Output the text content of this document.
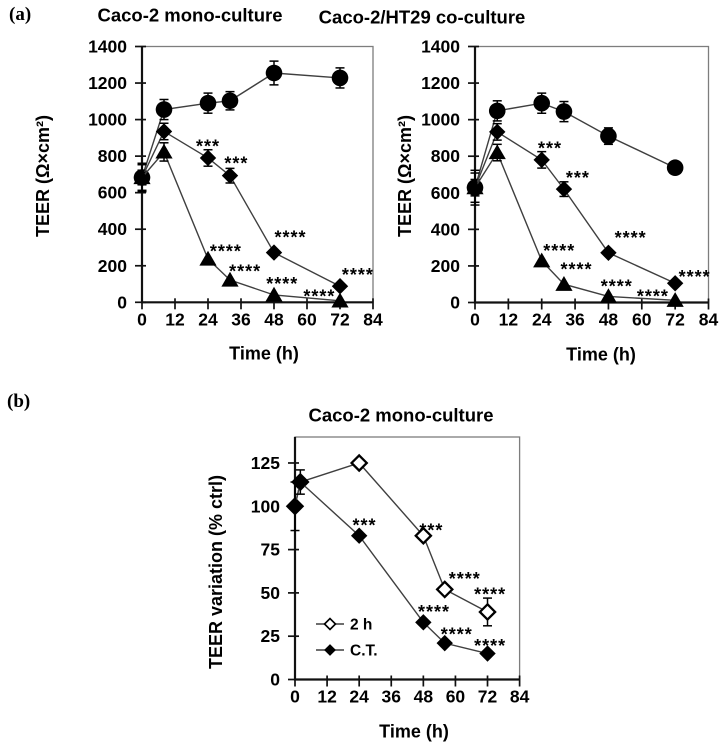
(a)
(b)
0 12 24 36 48 60 72 84
0
200
400
600
800
1000
1200
1400
Caco-2 mono-culture
Time (h)
TEER (Ω×cm²)	***
***
****
****
****
****
****
****
0 12 24 36 48 60 72 84
0
200
400
600
800
1000
1200
1400
Caco-2/HT29 co-culture
Time (h)
TEER (Ω×cm²)	***
***
****
****
****
****
****
****
0 12 24 36 48 60 72 84
0
25
50
75
100
125
Caco-2 mono-culture
Time (h)
TEER variation (% ctrl)	*** ***
****
****
****
****
****
2 h
C.T.
